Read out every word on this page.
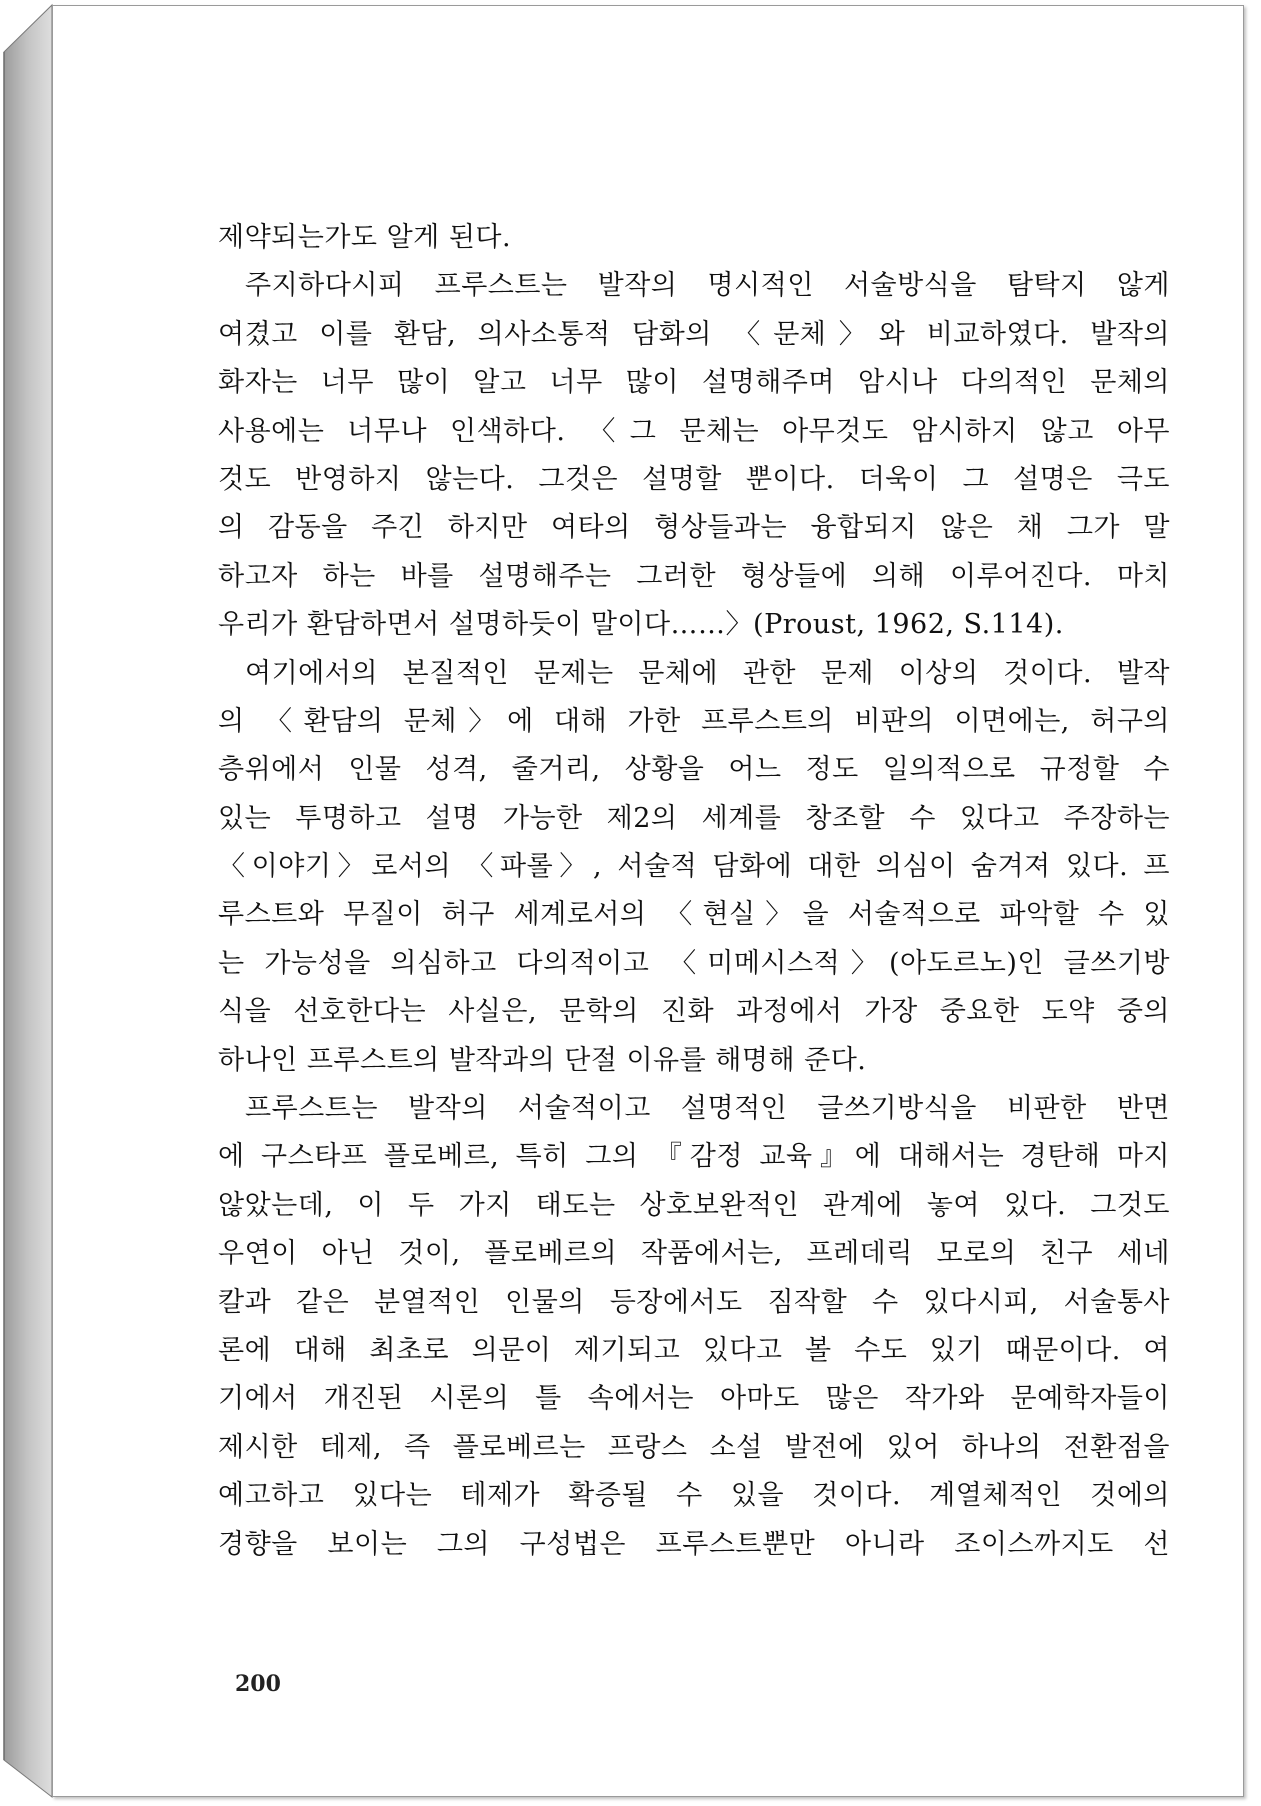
제약되는가도 알게 된다.
주지하다시피 프루스트는 발작의 명시적인 서술방식을 탐탁지 않게
여겼고 이를 환담, 의사소통적 담화의 〈문체〉와 비교하였다. 발작의
화자는 너무 많이 알고 너무 많이 설명해주며 암시나 다의적인 문체의
사용에는 너무나 인색하다. 〈그 문체는 아무것도 암시하지 않고 아무
것도 반영하지 않는다. 그것은 설명할 뿐이다. 더욱이 그 설명은 극도
의 감동을 주긴 하지만 여타의 형상들과는 융합되지 않은 채 그가 말
하고자 하는 바를 설명해주는 그러한 형상들에 의해 이루어진다. 마치
우리가 환담하면서 설명하듯이 말이다……〉(Proust, 1962, S.114).
여기에서의 본질적인 문제는 문체에 관한 문제 이상의 것이다. 발작
의 〈환담의 문체〉에 대해 가한 프루스트의 비판의 이면에는, 허구의
층위에서 인물 성격, 줄거리, 상황을 어느 정도 일의적으로 규정할 수
있는 투명하고 설명 가능한 제2의 세계를 창조할 수 있다고 주장하는
〈이야기〉로서의 〈파롤〉, 서술적 담화에 대한 의심이 숨겨져 있다. 프
루스트와 무질이 허구 세계로서의 〈현실〉을 서술적으로 파악할 수 있
는 가능성을 의심하고 다의적이고 〈미메시스적〉(아도르노)인 글쓰기방
식을 선호한다는 사실은, 문학의 진화 과정에서 가장 중요한 도약 중의
하나인 프루스트의 발작과의 단절 이유를 해명해 준다.
프루스트는 발작의 서술적이고 설명적인 글쓰기방식을 비판한 반면
에 구스타프 플로베르, 특히 그의 『감정 교육』에 대해서는 경탄해 마지
않았는데, 이 두 가지 태도는 상호보완적인 관계에 놓여 있다. 그것도
우연이 아닌 것이, 플로베르의 작품에서는, 프레데릭 모로의 친구 세네
칼과 같은 분열적인 인물의 등장에서도 짐작할 수 있다시피, 서술통사
론에 대해 최초로 의문이 제기되고 있다고 볼 수도 있기 때문이다. 여
기에서 개진된 시론의 틀 속에서는 아마도 많은 작가와 문예학자들이
제시한 테제, 즉 플로베르는 프랑스 소설 발전에 있어 하나의 전환점을
예고하고 있다는 테제가 확증될 수 있을 것이다. 계열체적인 것에의
경향을 보이는 그의 구성법은 프루스트뿐만 아니라 조이스까지도 선
200
